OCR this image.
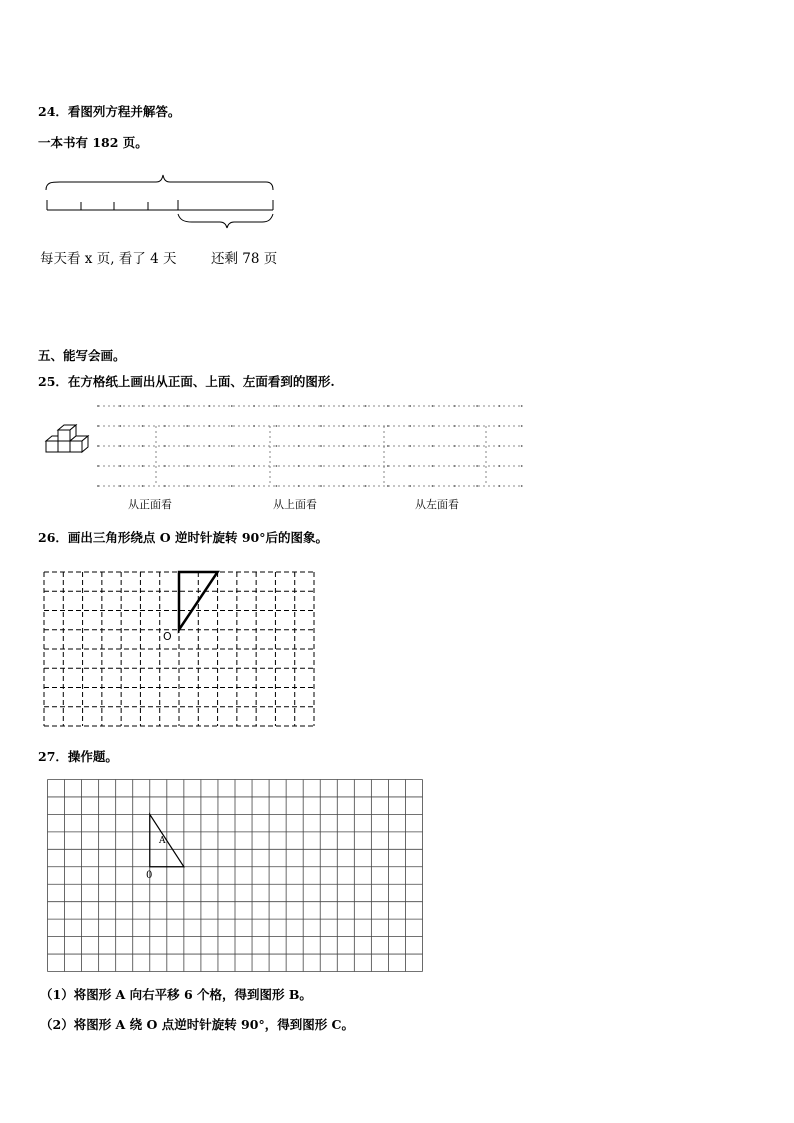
24．看图列方程并解答。
一本书有 182 页。
每天看 x 页, 看了 4 天	还剩 78 页
五、能写会画。
25．在方格纸上画出从正面、上面、左面看到的图形.
从正面看	从上面看	从左面看
26．画出三角形绕点 O 逆时针旋转 90°后的图象。
O
27．操作题。
A
0
（1）将图形 A 向右平移 6 个格，得到图形 B。
（2）将图形 A 绕 O 点逆时针旋转 90°，得到图形 C。
